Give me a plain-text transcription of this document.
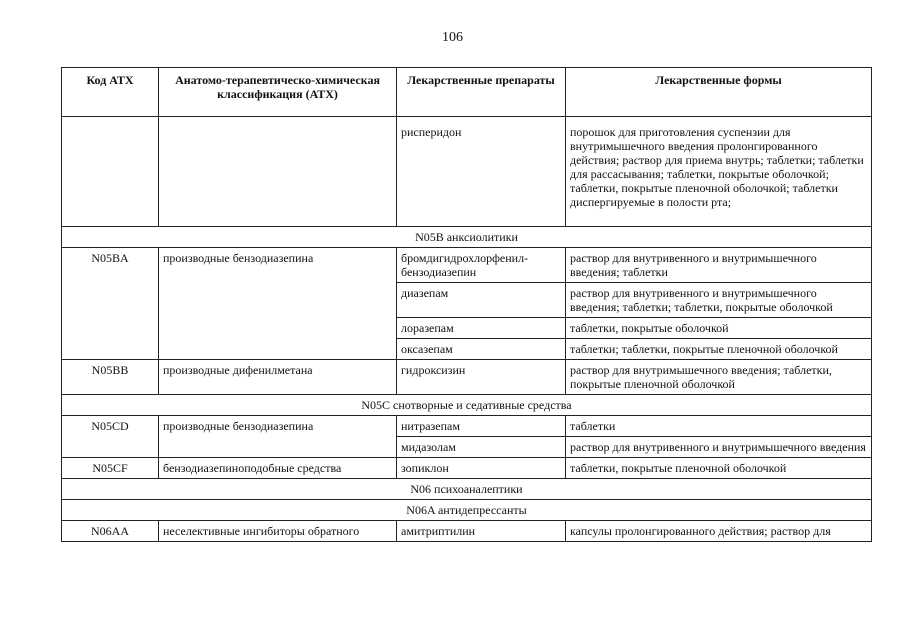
106
Код АТХ	Анатомо-терапевтическо-химическая классификация (АТХ)	Лекарственные препараты	Лекарственные формы
		рисперидон	порошок для приготовления суспензии для внутримышечного введения пролонгированного действия; раствор для приема внутрь; таблетки; таблетки для рассасывания; таблетки, покрытые оболочкой; таблетки, покрытые пленочной оболочкой; таблетки диспергируемые в полости рта;
N05B анксиолитики			
N05BA	производные бензодиазепина	бромдигидрохлорфенил-бензодиазепин	раствор для внутривенного и внутримышечного введения; таблетки
		диазепам	раствор для внутривенного и внутримышечного введения; таблетки; таблетки, покрытые оболочкой
		лоразепам	таблетки, покрытые оболочкой
		оксазепам	таблетки; таблетки, покрытые пленочной оболочкой
N05BB	производные дифенилметана	гидроксизин	раствор для внутримышечного введения; таблетки, покрытые пленочной оболочкой
N05C снотворные и седативные средства			
N05CD	производные бензодиазепина	нитразепам	таблетки
		мидазолам	раствор для внутривенного и внутримышечного введения
N05CF	бензодиазепиноподобные средства	зопиклон	таблетки, покрытые пленочной оболочкой
N06 психоаналептики			
N06A антидепрессанты			
N06AA	неселективные ингибиторы обратного	амитриптилин	капсулы пролонгированного действия; раствор для
